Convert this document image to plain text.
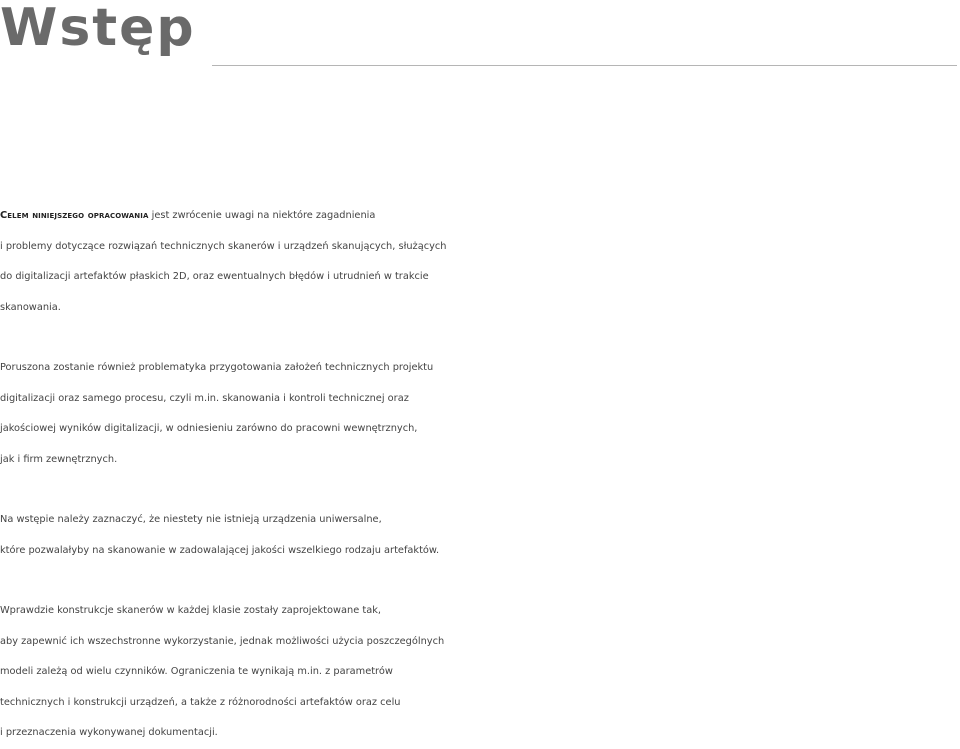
Wstęp

Celem niniejszego opracowania jest zwrócenie uwagi na niektóre zagadnienia
i problemy dotyczące rozwiązań technicznych skanerów i urządzeń skanujących, służących
do digitalizacji artefaktów płaskich 2D, oraz ewentualnych błędów i utrudnień w trakcie
skanowania.

Poruszona zostanie również problematyka przygotowania założeń technicznych projektu
digitalizacji oraz samego procesu, czyli m.in. skanowania i kontroli technicznej oraz
jakościowej wyników digitalizacji, w odniesieniu zarówno do pracowni wewnętrznych,
jak i firm zewnętrznych.

Na wstępie należy zaznaczyć, że niestety nie istnieją urządzenia uniwersalne,
które pozwalałyby na skanowanie w zadowalającej jakości wszelkiego rodzaju artefaktów.

Wprawdzie konstrukcje skanerów w każdej klasie zostały zaprojektowane tak,
aby zapewnić ich wszechstronne wykorzystanie, jednak możliwości użycia poszczególnych
modeli zależą od wielu czynników. Ograniczenia te wynikają m.in. z parametrów
technicznych i konstrukcji urządzeń, a także z różnorodności artefaktów oraz celu
i przeznaczenia wykonywanej dokumentacji.
